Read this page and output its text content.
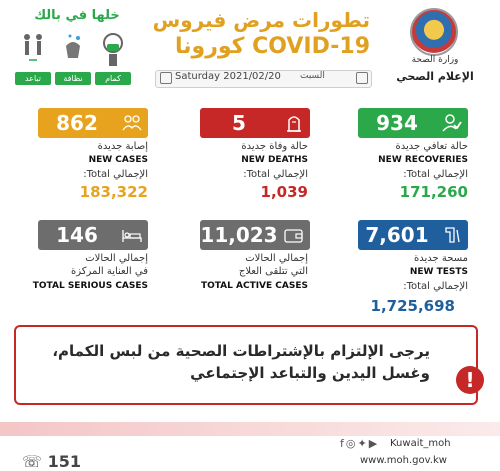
وزارة الصحة
الإعلام الصحي
تطورات مرض فيروس
كورونا COVID-19
Saturday 2021/02/20 السبت
خلها في بالك
تباعد	نظافة	كمام
934
حالة تعافي جديدة
NEW RECOVERIES
الإجمالي Total:
171,260
5
حالة وفاة جديدة
NEW DEATHS
الإجمالي Total:
1,039
862
إصابة جديدة
NEW CASES
الإجمالي Total:
183,322
7,601
مسحة جديدة
NEW TESTS
الإجمالي Total:
1,725,698
11,023
إجمالي الحالات
التي تتلقى العلاج
TOTAL ACTIVE CASES
146
إجمالي الحالات
في العناية المركزة
TOTAL SERIOUS CASES
يرجى الإلتزام بالإشتراطات الصحية من لبس الكمام،
وغسل اليدين والتباعد الإجتماعي	!
f◎✦▶ Kuwait_moh
www.moh.gov.kw
☏ 151
